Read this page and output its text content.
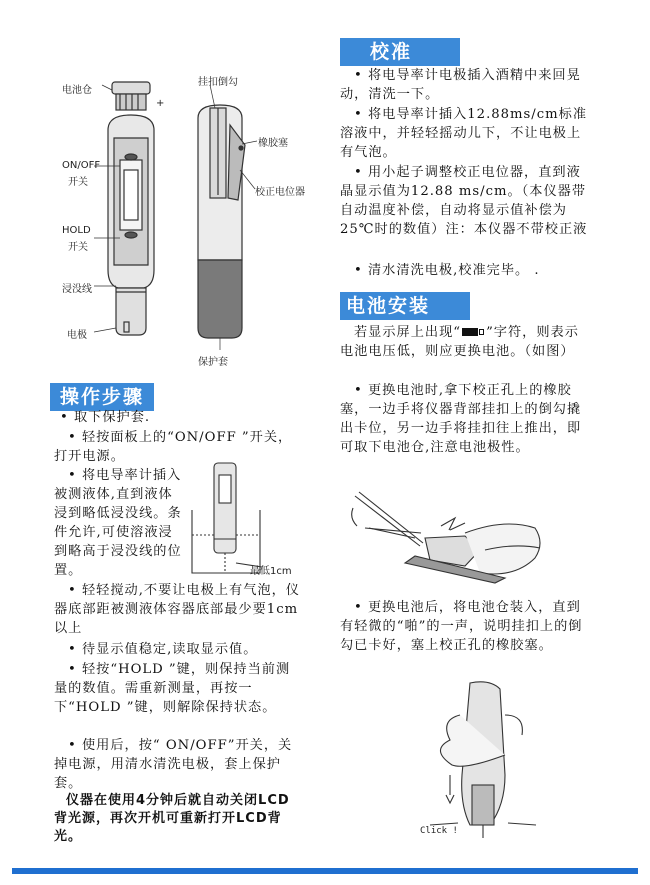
电池仓
+
ON/OFF
开关
HOLD
开关
浸没线
电极
挂扣倒勾
橡胶塞
校正电位器
保护套
操作步骤

• 取下保护套.

• 轻按面板上的“ON/OFF ”开关，打开电源。

• 将电导率计插入被测液体,直到液体浸到略低浸没线。条件允许,可使溶液浸到略高于浸没线的位置。	最低1cm

• 轻轻搅动,不要让电极上有气泡，仪器底部距被测液体容器底部最少要1cm以上

• 待显示值稳定,读取显示值。

• 轻按“HOLD ”键，则保持当前测量的数值。需重新测量，再按一下“HOLD ”键，则解除保持状态。

• 使用后，按“ ON/OFF”开关，关掉电源，用清水清洗电极，套上保护套。

仪器在使用4分钟后就自动关闭LCD背光源，再次开机可重新打开LCD背光。

校准

• 将电导率计电极插入酒精中来回晃动，清洗一下。

• 将电导率计插入12.88ms/cm标准溶液中，并轻轻摇动儿下，不让电极上有气泡。

• 用小起子调整校正电位器，直到液晶显示值为12.88 ms/cm。（本仪器带自动温度补偿，自动将显示值补偿为25℃时的数值）注：本仪器不带校正液

• 清水清洗电极,校准完毕。 .

电池安装

若显示屏上出现“ ”字符，则表示电池电压低，则应更换电池。（如图）

• 更换电池时,拿下校正孔上的橡胶塞，一边手将仪器背部挂扣上的倒勾撬出卡位，另一边手将挂扣往上推出，即可取下电池仓,注意电池极性。

• 更换电池后，将电池仓装入，直到有轻微的“啪”的一声，说明挂扣上的倒勾已卡好，塞上校正孔的橡胶塞。

Click !
